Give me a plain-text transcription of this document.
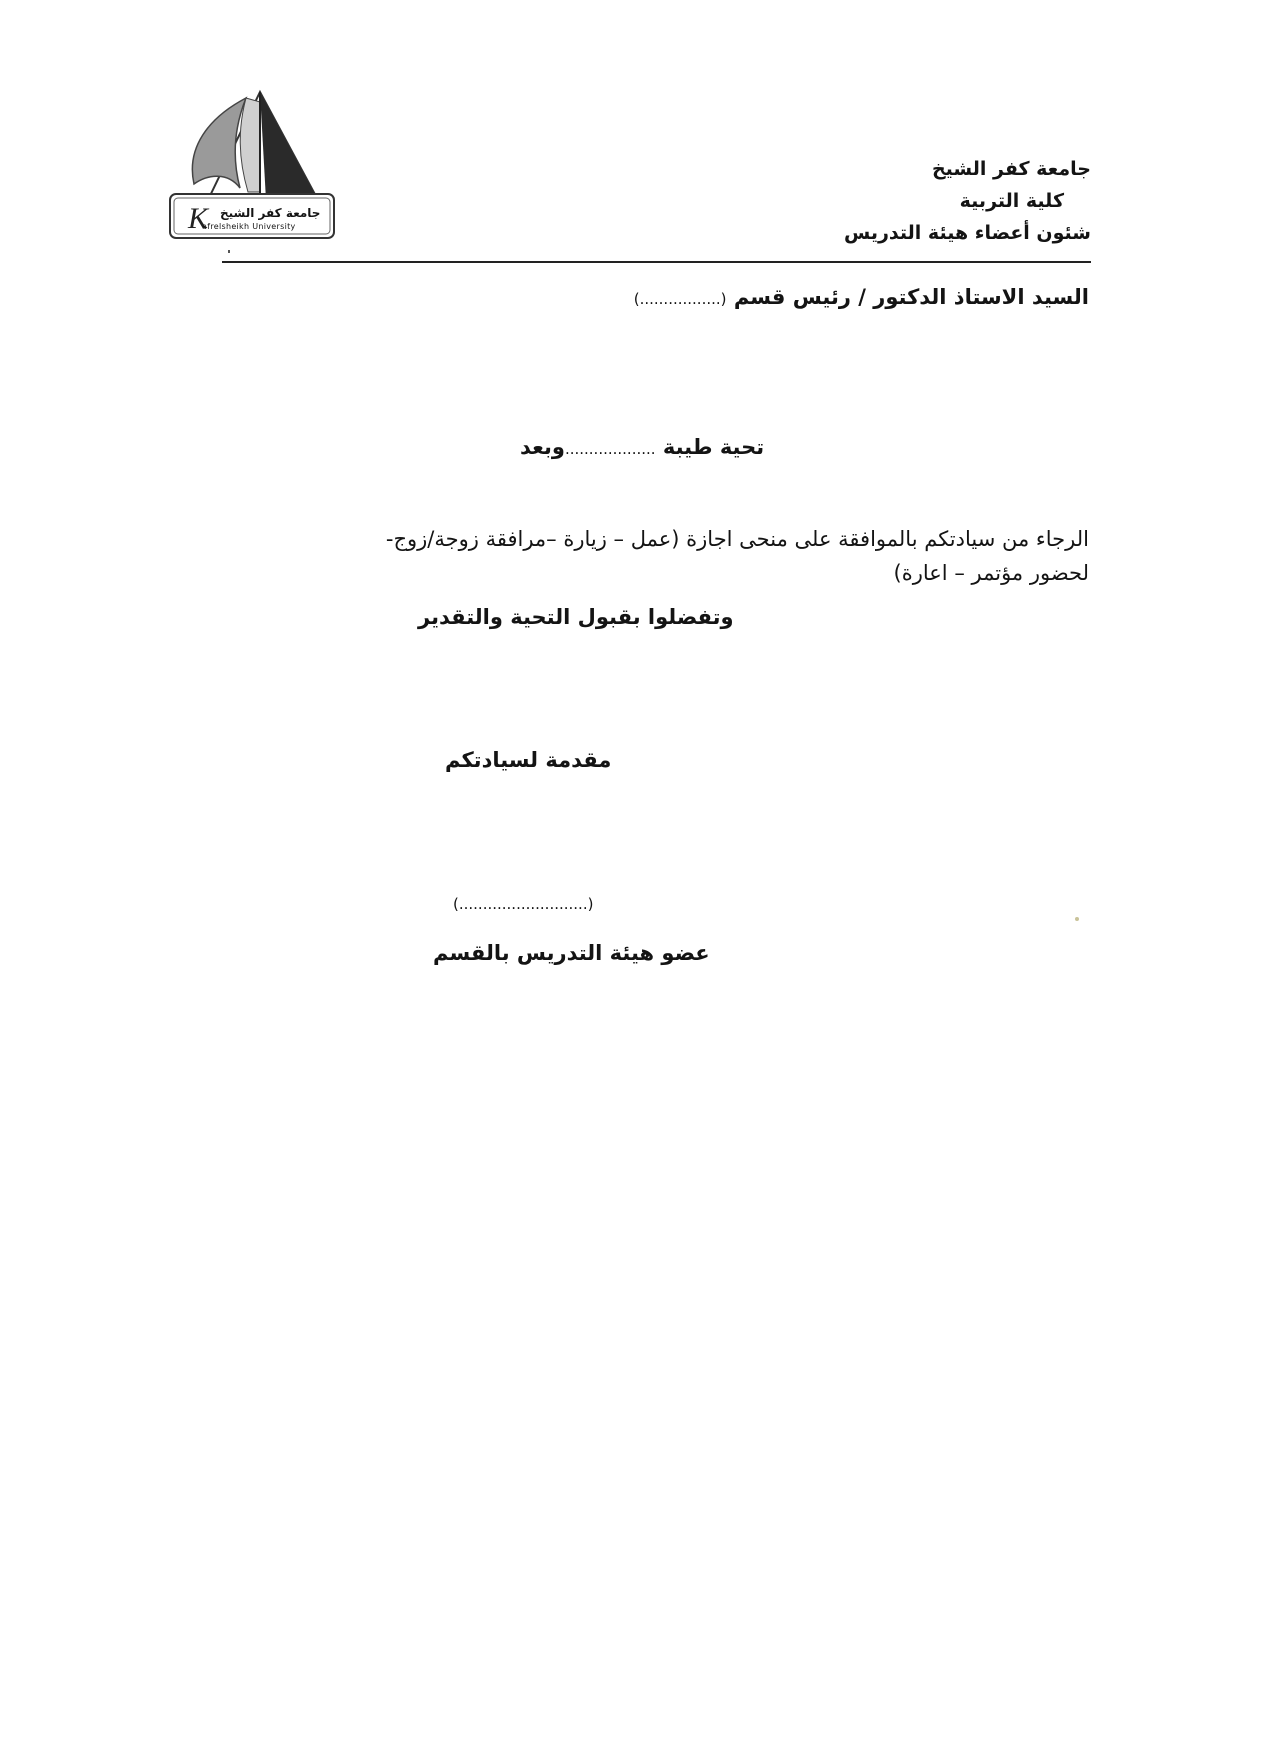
K جامعة كفر الشيخ
afrelsheikh University
جامعة كفر الشيخ
كلية التربية
شئون أعضاء هيئة التدريس
السيد الاستاذ الدكتور / رئيس قسم (.................)
تحية طيبة ...................وبعد
الرجاء من سيادتكم بالموافقة على منحى اجازة (عمل – زيارة –مرافقة زوجة/زوج-
لحضور مؤتمر – اعارة)
وتفضلوا بقبول التحية والتقدير
مقدمة لسيادتكم
(...........................)
عضو هيئة التدريس بالقسم
